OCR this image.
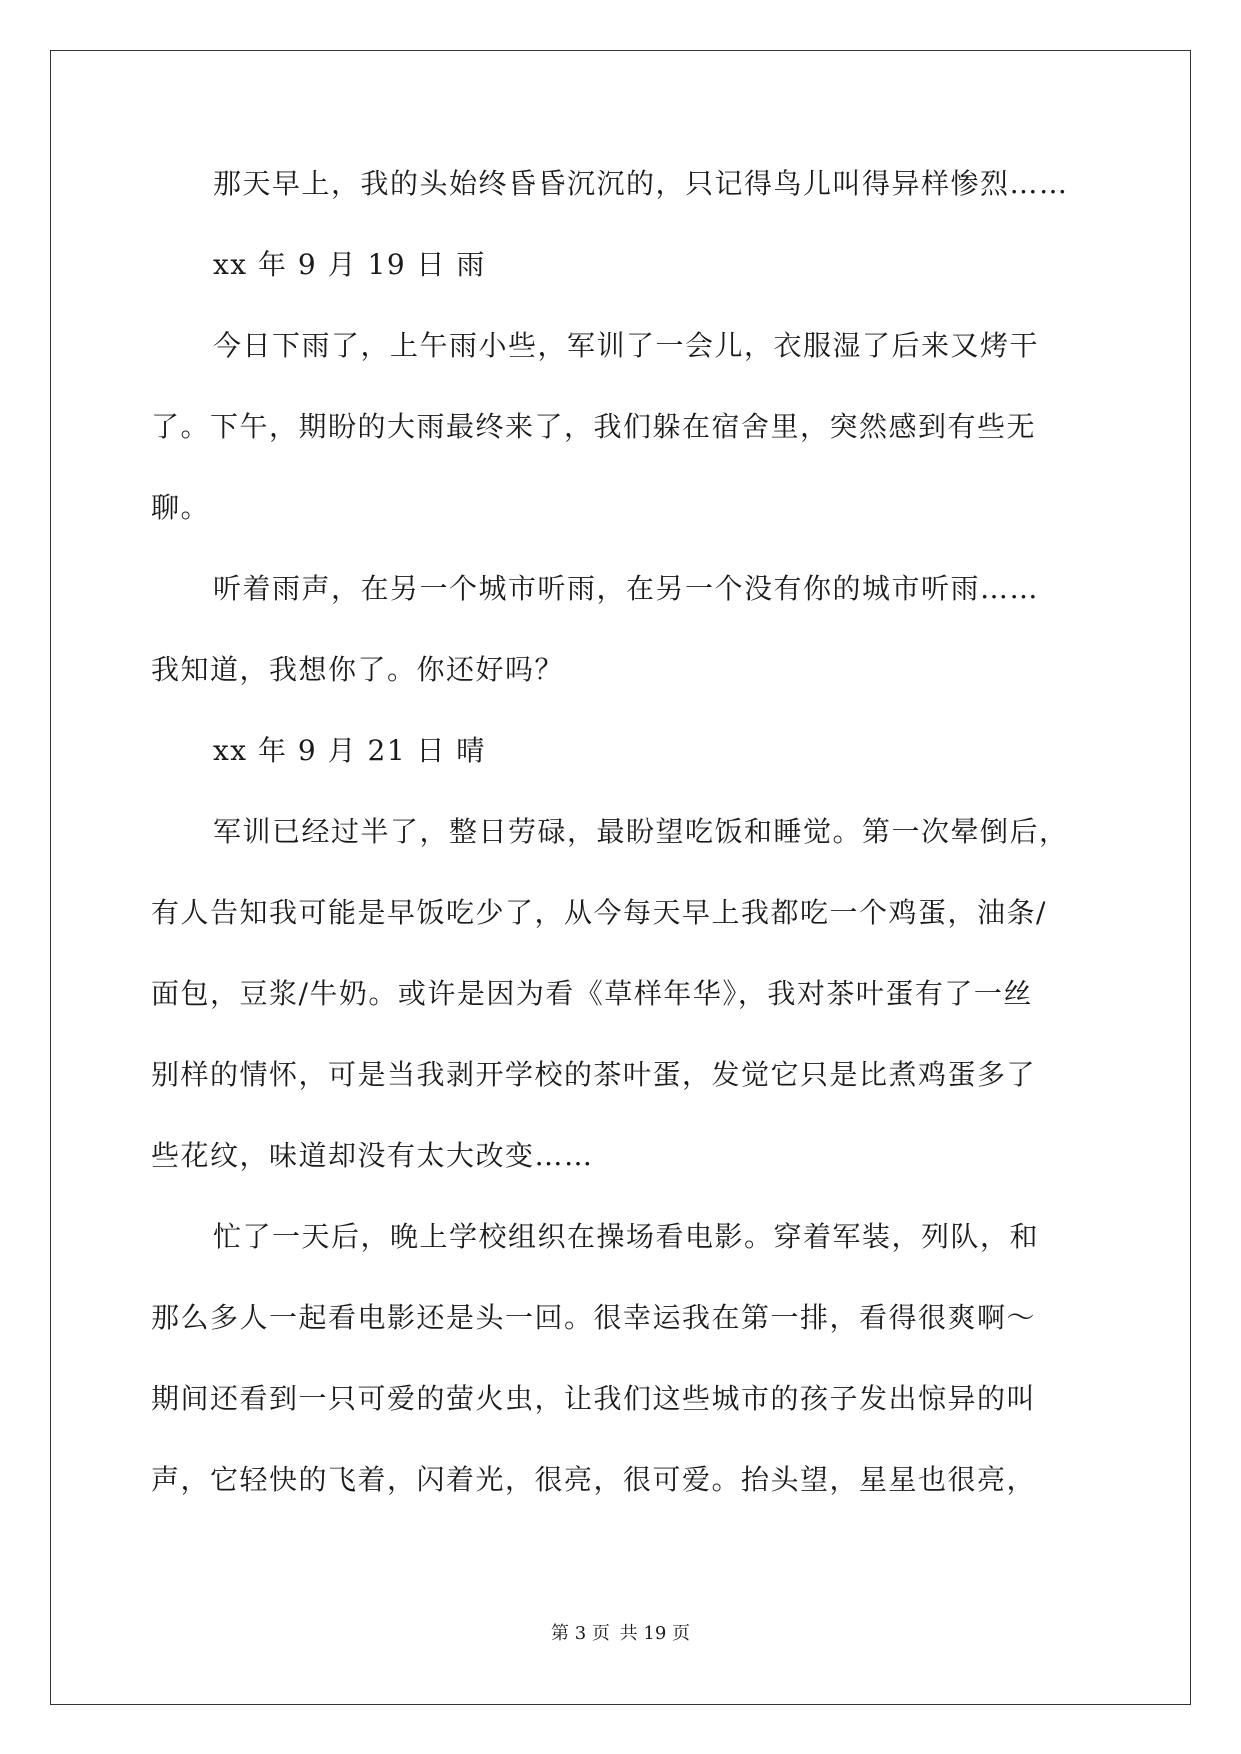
那天早上，我的头始终昏昏沉沉的，只记得鸟儿叫得异样惨烈……
xx 年 9 月 19 日 雨
今日下雨了，上午雨小些，军训了一会儿，衣服湿了后来又烤干
了。下午，期盼的大雨最终来了，我们躲在宿舍里，突然感到有些无
聊。
听着雨声，在另一个城市听雨，在另一个没有你的城市听雨……
我知道，我想你了。你还好吗？
xx 年 9 月 21 日 晴
军训已经过半了，整日劳碌，最盼望吃饭和睡觉。第一次晕倒后，
有人告知我可能是早饭吃少了，从今每天早上我都吃一个鸡蛋，油条/
面包，豆浆/牛奶。或许是因为看《草样年华》，我对茶叶蛋有了一丝
别样的情怀，可是当我剥开学校的茶叶蛋，发觉它只是比煮鸡蛋多了
些花纹，味道却没有太大改变……
忙了一天后，晚上学校组织在操场看电影。穿着军装，列队，和
那么多人一起看电影还是头一回。很幸运我在第一排，看得很爽啊～
期间还看到一只可爱的萤火虫，让我们这些城市的孩子发出惊异的叫
声，它轻快的飞着，闪着光，很亮，很可爱。抬头望，星星也很亮，
第 3 页 共 19 页
